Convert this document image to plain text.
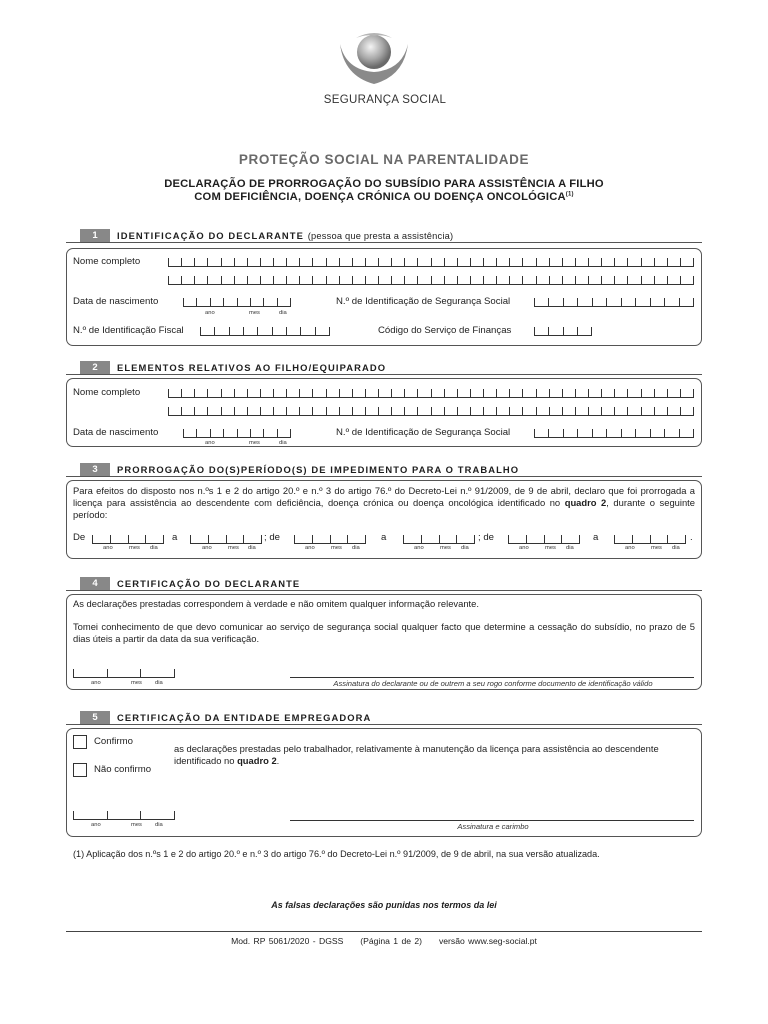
SEGURANÇA SOCIAL
PROTEÇÃO SOCIAL NA PARENTALIDADE
DECLARAÇÃO DE PRORROGAÇÃO DO SUBSÍDIO PARA ASSISTÊNCIA A FILHO
COM DEFICIÊNCIA, DOENÇA CRÓNICA OU DOENÇA ONCOLÓGICA$^{(1)}$
1	IDENTIFICAÇÃO DO DECLARANTE (pessoa que presta a assistência)
Nome completo
Data de nascimento
ano	mes	dia
N.º de Identificação de Segurança Social
N.º de Identificação Fiscal	Código do Serviço de Finanças
2	ELEMENTOS RELATIVOS AO FILHO/EQUIPARADO
Nome completo
Data de nascimento
ano	mes	dia
N.º de Identificação de Segurança Social
3	PRORROGAÇÃO DO(S)PERÍODO(S) DE IMPEDIMENTO PARA O TRABALHO
Para efeitos do disposto nos n.ºs 1 e 2 do artigo 20.º e n.º 3 do artigo 76.º do Decreto-Lei n.º 91/2009, de 9 de abril, declaro que foi prorrogada a licença para assistência ao descendente com deficiência, doença crónica ou doença oncológica identificado no quadro 2, durante o seguinte período:
De	a	; de	a	; de	a	.
ano	mes dia	ano	mes dia	ano	mes dia	ano	mes dia	ano	mes dia	ano	mes dia
4	CERTIFICAÇÃO DO DECLARANTE
As declarações prestadas correspondem à verdade e não omitem qualquer informação relevante.
Tomei conhecimento de que devo comunicar ao serviço de segurança social qualquer facto que determine a cessação do subsídio, no prazo de 5 dias úteis a partir da data da sua verificação.
ano	mes dia	Assinatura do declarante ou de outrem a seu rogo conforme documento de identificação válido
5	CERTIFICAÇÃO DA ENTIDADE EMPREGADORA
Confirmo
Não confirmo
as declarações prestadas pelo trabalhador, relativamente à manutenção da licença para assistência ao descendente identificado no quadro 2.
ano	mes dia	Assinatura e carimbo
(1) Aplicação dos n.ºs 1 e 2 do artigo 20.º e n.º 3 do artigo 76.º do Decreto-Lei n.º 91/2009, de 9 de abril, na sua versão atualizada.
As falsas declarações são punidas nos termos da lei
Mod. RP 5061/2020 - DGSS     (Página 1 de 2)     versão www.seg-social.pt
